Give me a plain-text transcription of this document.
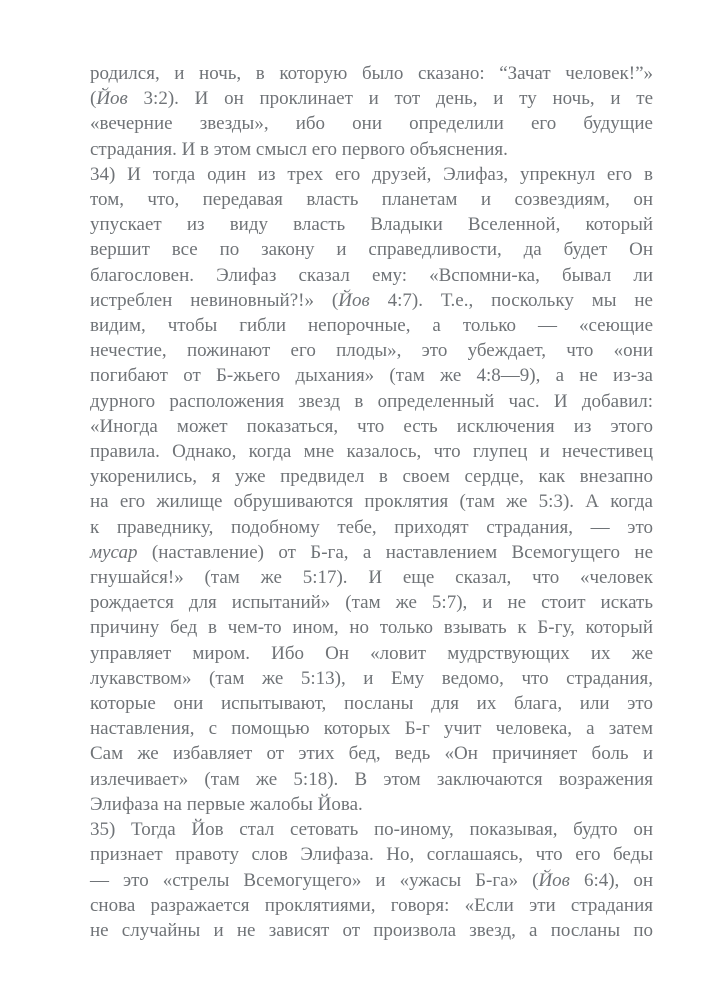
родился, и ночь, в которую было сказано: “Зачат человек!”»
(Йов 3:2). И он проклинает и тот день, и ту ночь, и те
«вечерние звезды», ибо они определили его будущие
страдания. И в этом смысл его первого объяснения.
34) И тогда один из трех его друзей, Элифаз, упрекнул его в
том, что, передавая власть планетам и созвездиям, он
упускает из виду власть Владыки Вселенной, который
вершит все по закону и справедливости, да будет Он
благословен. Элифаз сказал ему: «Вспомни-ка, бывал ли
истреблен невиновный?!» (Йов 4:7). Т.е., поскольку мы не
видим, чтобы гибли непорочные, а только — «сеющие
нечестие, пожинают его плоды», это убеждает, что «они
погибают от Б-жьего дыхания» (там же 4:8—9), а не из-за
дурного расположения звезд в определенный час. И добавил:
«Иногда может показаться, что есть исключения из этого
правила. Однако, когда мне казалось, что глупец и нечестивец
укоренились, я уже предвидел в своем сердце, как внезапно
на его жилище обрушиваются проклятия (там же 5:3). А когда
к праведнику, подобному тебе, приходят страдания, — это
мусар (наставление) от Б-га, а наставлением Всемогущего не
гнушайся!» (там же 5:17). И еще сказал, что «человек
рождается для испытаний» (там же 5:7), и не стоит искать
причину бед в чем-то ином, но только взывать к Б-гу, который
управляет миром. Ибо Он «ловит мудрствующих их же
лукавством» (там же 5:13), и Ему ведомо, что страдания,
которые они испытывают, посланы для их блага, или это
наставления, с помощью которых Б-г учит человека, а затем
Сам же избавляет от этих бед, ведь «Он причиняет боль и
излечивает» (там же 5:18). В этом заключаются возражения
Элифаза на первые жалобы Йова.
35) Тогда Йов стал сетовать по-иному, показывая, будто он
признает правоту слов Элифаза. Но, соглашаясь, что его беды
— это «стрелы Всемогущего» и «ужасы Б-га» (Йов 6:4), он
снова разражается проклятиями, говоря: «Если эти страдания
не случайны и не зависят от произвола звезд, а посланы по
